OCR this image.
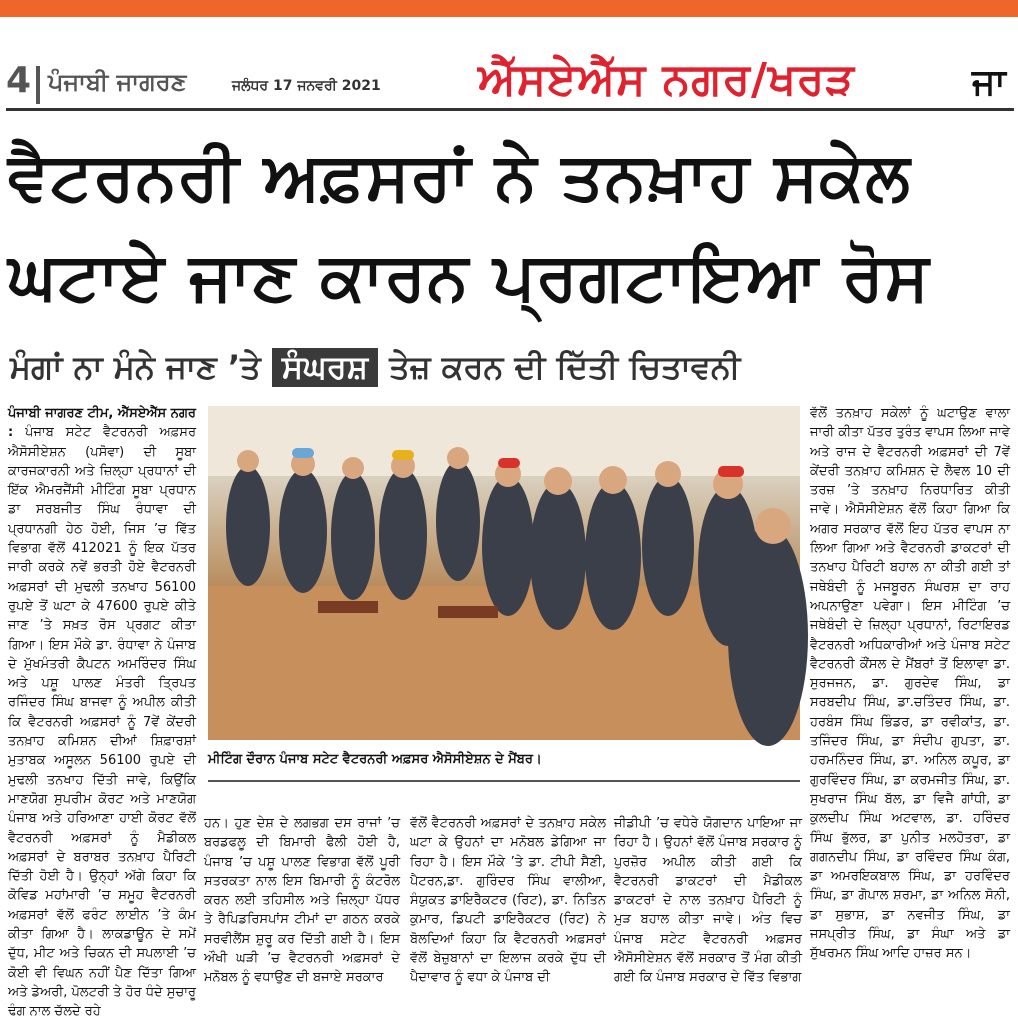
4 ਪੰਜਾਬੀ ਜਾਗਰਣ	ਜਲੰਧਰ 17 ਜਨਵਰੀ 2021 ਐੱਸਏਐੱਸ ਨਗਰ/ਖਰੜ	ਜਾ
ਵੈਟਰਨਰੀ ਅਫ਼ਸਰਾਂ ਨੇ ਤਨਖ਼ਾਹ ਸਕੇਲ
ਘਟਾਏ ਜਾਣ ਕਾਰਨ ਪ੍ਰਗਟਾਇਆ ਰੋਸ
ਮੰਗਾਂ ਨਾ ਮੰਨੇ ਜਾਣ ’ਤੇ ਸੰਘਰਸ਼ ਤੇਜ਼ ਕਰਨ ਦੀ ਦਿੱਤੀ ਚਿਤਾਵਨੀ

ਪੰਜਾਬੀ ਜਾਗਰਣ ਟੀਮ, ਐੱਸਏਐੱਸ ਨਗਰ : ਪੰਜਾਬ ਸਟੇਟ ਵੈਟਰਨਰੀ ਅਫ਼ਸਰ ਐਸੋਸੀਏਸ਼ਨ (ਪਸੋਵਾ) ਦੀ ਸੂਬਾ ਕਾਰਜਕਾਰਨੀ ਅਤੇ ਜ਼ਿਲ੍ਹਾ ਪ੍ਰਧਾਨਾਂ ਦੀ ਇੱਕ ਐਮਰਜੈਂਸੀ ਮੀਟਿੰਗ ਸੂਬਾ ਪ੍ਰਧਾਨ ਡਾ ਸਰਬਜੀਤ ਸਿੰਘ ਰੰਧਾਵਾ ਦੀ ਪ੍ਰਧਾਨਗੀ ਹੇਠ ਹੋਈ, ਜਿਸ ’ਚ ਵਿੱਤ ਵਿਭਾਗ ਵੱਲੋਂ 412021 ਨੂੰ ਇਕ ਪੱਤਰ ਜਾਰੀ ਕਰਕੇ ਨਵੇਂ ਭਰਤੀ ਹੋਏ ਵੈਟਰਨਰੀ ਅਫ਼ਸਰਾਂ ਦੀ ਮੁਢਲੀ ਤਨਖਾਹ 56100 ਰੁਪਏ ਤੋਂ ਘਟਾ ਕੇ 47600 ਰੁਪਏ ਕੀਤੇ ਜਾਣ ’ਤੇ ਸਖ਼ਤ ਰੋਸ ਪ੍ਰਗਟ ਕੀਤਾ ਗਿਆ। ਇਸ ਮੌਕੇ ਡਾ. ਰੰਧਾਵਾ ਨੇ ਪੰਜਾਬ ਦੇ ਮੁੱਖਮੰਤਰੀ ਕੈਪਟਨ ਅਮਰਿੰਦਰ ਸਿੰਘ ਅਤੇ ਪਸ਼ੂ ਪਾਲਣ ਮੰਤਰੀ ਤ੍ਰਿਪਤ ਰਜਿੰਦਰ ਸਿੰਘ ਬਾਜਵਾ ਨੂੰ ਅਪੀਲ ਕੀਤੀ ਕਿ ਵੈਟਰਨਰੀ ਅਫ਼ਸਰਾਂ ਨੂੰ 7ਵੇਂ ਕੇਂਦਰੀ ਤਨਖ਼ਾਹ ਕਮਿਸ਼ਨ ਦੀਆਂ ਸ਼ਿਫ਼ਾਰਸ਼ਾਂ ਮੁਤਾਬਕ ਅਸੂਲਨ 56100 ਰੁਪਏ ਦੀ ਮੁਢਲੀ ਤਨਖਾਹ ਦਿੱਤੀ ਜਾਵੇ, ਕਿਉਂਕਿ ਮਾਣਯੋਗ ਸੁਪਰੀਮ ਕੋਰਟ ਅਤੇ ਮਾਣਯੋਗ ਪੰਜਾਬ ਅਤੇ ਹਰਿਆਣਾ ਹਾਈ ਕੋਰਟ ਵੱਲੋਂ ਵੈਟਰਨਰੀ ਅਫ਼ਸਰਾਂ ਨੂੰ ਮੈਡੀਕਲ ਅਫ਼ਸਰਾਂ ਦੇ ਬਰਾਬਰ ਤਨਖ਼ਾਹ ਪੈਰਿਟੀ ਦਿੱਤੀ ਹੋਈ ਹੈ। ਉਨ੍ਹਾਂ ਅੱਗੇ ਕਿਹਾ ਕਿ ਕੋਵਿਡ ਮਹਾਂਮਾਰੀ ’ਚ ਸਮੂਹ ਵੈਟਰਨਰੀ ਅਫ਼ਸਰਾਂ ਵੱਲੋਂ ਫਰੰਟ ਲਾਈਨ ’ਤੇ ਕੰਮ ਕੀਤਾ ਗਿਆ ਹੈ। ਲਾਕਡਾਊਨ ਦੇ ਸਮੇਂ ਦੁੱਧ, ਮੀਟ ਅਤੇ ਚਿਕਨ ਦੀ ਸਪਲਾਈ ’ਚ ਕੋਈ ਵੀ ਵਿਘਨ ਨਹੀਂ ਪੈਣ ਦਿੱਤਾ ਗਿਆ ਅਤੇ ਡੇਅਰੀ, ਪੋਲਟਰੀ ਤੇ ਹੋਰ ਧੰਦੇ ਸੁਚਾਰੂ ਢੰਗ ਨਾਲ ਚੱਲਦੇ ਰਹੇ

ਮੀਟਿੰਗ ਦੌਰਾਨ ਪੰਜਾਬ ਸਟੇਟ ਵੈਟਰਨਰੀ ਅਫ਼ਸਰ ਐਸੋਸੀਏਸ਼ਨ ਦੇ ਮੈਂਬਰ।
ਹਨ। ਹੁਣ ਦੇਸ਼ ਦੇ ਲਗਭਗ ਦਸ ਰਾਜਾਂ ’ਚ ਬਰਡਫਲੂ ਦੀ ਬਿਮਾਰੀ ਫੈਲੀ ਹੋਈ ਹੈ, ਪੰਜਾਬ ’ਚ ਪਸ਼ੂ ਪਾਲਣ ਵਿਭਾਗ ਵੱਲੋਂ ਪੂਰੀ ਸਤਰਕਤਾ ਨਾਲ ਇਸ ਬਿਮਾਰੀ ਨੂੰ ਕੰਟਰੋਲ ਕਰਨ ਲਈ ਤਹਿਸੀਲ ਅਤੇ ਜ਼ਿਲ੍ਹਾ ਪੱਧਰ ਤੇ ਰੈਪਿਡਰਿਸਪਾਂਸ ਟੀਮਾਂ ਦਾ ਗਠਨ ਕਰਕੇ ਸਰਵੀਲੈਂਸ ਸ਼ੁਰੂ ਕਰ ਦਿੱਤੀ ਗਈ ਹੈ। ਇਸ ਔਖੀ ਘੜੀ ’ਚ ਵੈਟਰਨਰੀ ਅਫ਼ਸਰਾਂ ਦੇ ਮਨੋਬਲ ਨੂੰ ਵਧਾਉਣ ਦੀ ਬਜਾਏ ਸਰਕਾਰ
ਵੱਲੋਂ ਵੈਟਰਨਰੀ ਅਫ਼ਸਰਾਂ ਦੇ ਤਨਖ਼ਾਹ ਸਕੇਲ ਘਟਾ ਕੇ ਉਹਨਾਂ ਦਾ ਮਨੋਬਲ ਡੇਗਿਆ ਜਾ ਰਿਹਾ ਹੈ। ਇਸ ਮੌਕੇ ’ਤੇ ਡਾ. ਟੀਪੀ ਸੈਣੀ, ਪੈਟਰਨ,ਡਾ. ਗੁਰਿੰਦਰ ਸਿੰਘ ਵਾਲੀਆ, ਸੰਯੁਕਤ ਡਾਇਰੈਕਟਰ (ਰਿਟ), ਡਾ. ਨਿਤਿਨ ਕੁਮਾਰ, ਡਿਪਟੀ ਡਾਇਰੈਕਟਰ (ਰਿਟ) ਨੇ ਬੋਲਦਿਆਂ ਕਿਹਾ ਕਿ ਵੈਟਰਨਰੀ ਅਫ਼ਸਰਾਂ ਵੱਲੋਂ ਬੇਜ਼ੁਬਾਨਾਂ ਦਾ ਇਲਾਜ ਕਰਕੇ ਦੁੱਧ ਦੀ ਪੈਦਾਵਾਰ ਨੂੰ ਵਧਾ ਕੇ ਪੰਜਾਬ ਦੀ
ਜੀਡੀਪੀ ’ਚ ਵਧੇਰੇ ਯੋਗਦਾਨ ਪਾਇਆ ਜਾ ਰਿਹਾ ਹੈ। ਉਹਨਾਂ ਵੱਲੋਂ ਪੰਜਾਬ ਸਰਕਾਰ ਨੂੰ ਪੁਰਜ਼ੋਰ ਅਪੀਲ ਕੀਤੀ ਗਈ ਕਿ ਵੈਟਰਨਰੀ ਡਾਕਟਰਾਂ ਦੀ ਮੈਡੀਕਲ ਡਾਕਟਰਾਂ ਦੇ ਨਾਲ ਤਨਖ਼ਾਹ ਪੈਰਿਟੀ ਨੂੰ ਮੁੜ ਬਹਾਲ ਕੀਤਾ ਜਾਵੇ। ਅੰਤ ਵਿਚ ਪੰਜਾਬ ਸਟੇਟ ਵੈਟਰਨਰੀ ਅਫ਼ਸਰ ਐਸੋਸੀਏਸ਼ਨ ਵੱਲੋਂ ਸਰਕਾਰ ਤੋਂ ਮੰਗ ਕੀਤੀ ਗਈ ਕਿ ਪੰਜਾਬ ਸਰਕਾਰ ਦੇ ਵਿੱਤ ਵਿਭਾਗ
ਵੱਲੋਂ ਤਨਖ਼ਾਹ ਸਕੇਲਾਂ ਨੂੰ ਘਟਾਉਣ ਵਾਲਾ ਜਾਰੀ ਕੀਤਾ ਪੱਤਰ ਤੁਰੰਤ ਵਾਪਸ ਲਿਆ ਜਾਵੇ ਅਤੇ ਰਾਜ ਦੇ ਵੈਟਰਨਰੀ ਅਫ਼ਸਰਾਂ ਦੀ 7ਵੇਂ ਕੇਂਦਰੀ ਤਨਖ਼ਾਹ ਕਮਿਸ਼ਨ ਦੇ ਲੈਵਲ 10 ਦੀ ਤਰਜ਼ ’ਤੇ ਤਨਖ਼ਾਹ ਨਿਰਧਾਰਿਤ ਕੀਤੀ ਜਾਵੇ। ਐਸੋਸੀਏਸ਼ਨ ਵੱਲੋਂ ਕਿਹਾ ਗਿਆ ਕਿ ਅਗਰ ਸਰਕਾਰ ਵੱਲੋਂ ਇਹ ਪੱਤਰ ਵਾਪਸ ਨਾ ਲਿਆ ਗਿਆ ਅਤੇ ਵੈਟਰਨਰੀ ਡਾਕਟਰਾਂ ਦੀ ਤਨਖਾਹ ਪੈਰਿਟੀ ਬਹਾਲ ਨਾ ਕੀਤੀ ਗਈ ਤਾਂ ਜਥੇਬੰਦੀ ਨੂੰ ਮਜਬੂਰਨ ਸੰਘਰਸ਼ ਦਾ ਰਾਹ ਅਪਨਾਉਣਾ ਪਵੇਗਾ। ਇਸ ਮੀਟਿੰਗ ’ਚ ਜਥੇਬੰਦੀ ਦੇ ਜ਼ਿਲ੍ਹਾ ਪ੍ਰਧਾਨਾਂ, ਰਿਟਾਇਰਡ ਵੈਟਰਨਰੀ ਅਧਿਕਾਰੀਆਂ ਅਤੇ ਪੰਜਾਬ ਸਟੇਟ ਵੈਟਰਨਰੀ ਕੌਂਸਲ ਦੇ ਮੈਂਬਰਾਂ ਤੋਂ ਇਲਾਵਾ ਡਾ. ਸੁਰਜਜਨ, ਡਾ. ਗੁਰਦੇਵ ਸਿੰਘ, ਡਾ ਸਰਬਦੀਪ ਸਿੰਘ, ਡਾ.ਚਤਿੰਦਰ ਸਿੰਘ, ਡਾ. ਹਰਬੰਸ ਸਿੰਘ ਭਿੰਡਰ, ਡਾ ਰਵੀਕਾਂਤ, ਡਾ. ਤਜਿੰਦਰ ਸਿੰਘ, ਡਾ ਸੰਦੀਪ ਗੁਪਤਾ, ਡਾ. ਹਰਮਨਿੰਦਰ ਸਿੰਘ, ਡਾ. ਅਨਿਲ ਕਪੂਰ, ਡਾ ਗੁਰਵਿੰਦਰ ਸਿੰਘ, ਡਾ ਕਰਮਜੀਤ ਸਿੰਘ, ਡਾ. ਸੁਖਰਾਜ ਸਿੰਘ ਬੱਲ, ਡਾ ਵਿਜੈ ਗਾਂਧੀ, ਡਾ ਕੁਲਦੀਪ ਸਿੰਘ ਅਟਵਾਲ, ਡਾ. ਹਰਿੰਦਰ ਸਿੰਘ ਭੁੱਲਰ, ਡਾ ਪੁਨੀਤ ਮਲਹੋਤਰਾ, ਡਾ ਗਗਨਦੀਪ ਸਿੰਘ, ਡਾ ਰਵਿੰਦਰ ਸਿੰਘ ਕੰਗ, ਡਾ ਅਮਰਇਕਬਾਲ ਸਿੰਘ, ਡਾ ਹਰਵਿੰਦਰ ਸਿੰਘ, ਡਾ ਗੋਪਾਲ ਸ਼ਰਮਾ, ਡਾ ਅਨਿਲ ਸੋਨੀ, ਡਾ ਸੁਭਾਸ਼, ਡਾ ਨਵਜੀਤ ਸਿੰਘ, ਡਾ ਜਸਪ੍ਰੀਤ ਸਿੰਘ, ਡਾ ਸੰਘਾ ਅਤੇ ਡਾ ਸੁੱਖਰਮਨ ਸਿੰਘ ਆਦਿ ਹਾਜ਼ਰ ਸਨ।
